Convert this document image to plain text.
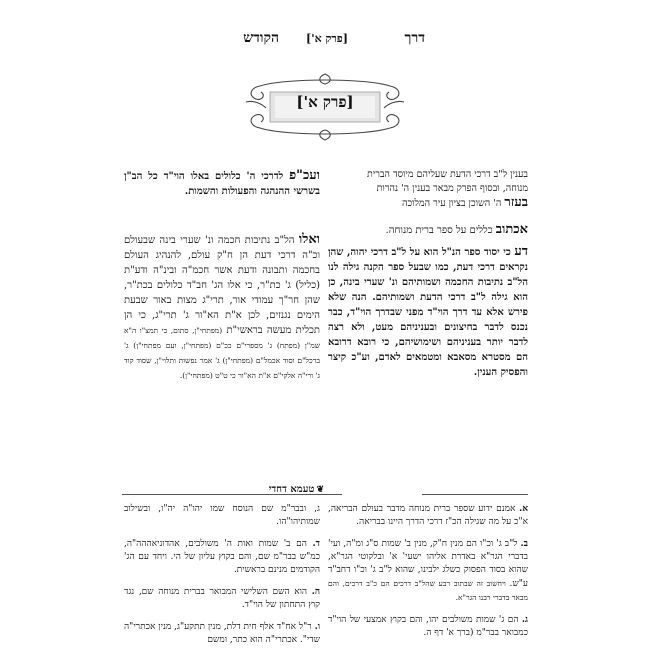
דרך
[פרק א']
הקודש
[פרק א']

בענין ל"ב דרכי הדעת שעליהם מיוסד הברית

מנוחה, ובסוף הפרק מבאר בענין ה' נהרות

בעזר ה' השוכן בציון עיר המלוכה

אכתוב כללים על ספר ברית מנוחה.

דע כי יסוד ספר הנ"ל הוא על ל"ב דרכי יהוה, שהן נקראים דרכי דעת, כמו שבעל ספר הקנה גילה לנו הל"ב נתיבות החכמה ושמותיהם ונ' שערי בינה, כן הוא גילה ל"ב דרכי הדעת ושמותיהם. הנה שלא פירש אלא עד דרך הוי"ד מפני שבדרך הוי"ד, כבר נכנס לדבר בחיצונים ובעניניהם מעט, ולא רצה לדבר יותר בעניניהם ושימושיהם, כי רובא דרובא הם מסטרא מסאבא ומטמאים לאדם, וע"כ קיצר והפסיק הענין.

ועכ"פ לדרכי ה' כלולים באלו הוי"ד כל הב"ן בשרשי ההנהגה והפעולות והשמות.

ואלו הל"ב נתיבות חכמה ונ' שערי בינה שבעולם וכ"ה דרכי דעת הן ח"ק עולם, להנהיג העולם בחכמה ותבונה ודעת אשר חכמ"ה ובינ"ה ודע"ת (כליל) ג' כת"ר, כי אלו הג' חב"ד כלולים בכת"ר, שהן חר"ך עמודי אור, תרי"ג מצות באור שבעת הימים נגנזים, לכן א"ת הא"ור ג' תרי"ג, כי הן תכלית מעשה בראשי"ת (מפתחי"ן, סתום, כי תמצ"ו ה"א שמ"ן (מפתח) ג' מספרי"ם ככ"ם (מפתחי"ן, ועם מפתחי"ן) ג' ברכל"ם וסוד אכמל"ם (מפתחי"ן) ג' אמר נפשות ותלוי"ן, שסוד קוד ג' ורי"ה אלקי"ם א"ת הא"ור כי ט"ט (מפתחי"ן).

❦טעמא דחדי
א. אמנם ידוע שספר ברית מנוחה מדבר בעולם הבריאה, א"כ על מה שגילה הכ"ז דרכי הדרך היינו בבריאה.
ב. ל"ב ג' וכ"ו הם מנין ח"ק, מנין ב' שמות ס"ג ומ"ה, ועי' בדברי הגר"א באדרת אליהו ישעי' א' ובלקוטי הגר"א, שהוא בסוד הפסוק כשלג ילבינו, שהוא ל"ב ג' וכ"ו דחב"ד ע"ש. ויחשוב זה שבתוב רבע שהל"ב דרכים הם כ"ב דרכים, והם מבאר בדברי רבנו הגר"א.
ג. הם ג' שמות משולבים יהו, והם בקוץ אמצעי של הוי"ד כמבואר בבר"מ (ברך א' דף ה.
ג, ובבר"מ שם הנוסח שמו יהו"ה יה"ו, ובשילוב שמותיהו"הו.
ד. הם ב' שמות ואות ה' משולבים, אהדוניאההה"ה, כמ"ש בבר"מ שם, והם בקוץ עליון של הי. ויחד עם הג' הקודמים מנינם בראשית.
ה. הוא השם השלישי המבואר בברית מנוחה שם, נגד קוץ התחתון של הוי"ד.
ו. ר"ל אח"ד אלף חית דלת, מנין תתקע"ג, מנין אכתרי"ה שדי". אכתרי"ה הוא כתר, ומשם
